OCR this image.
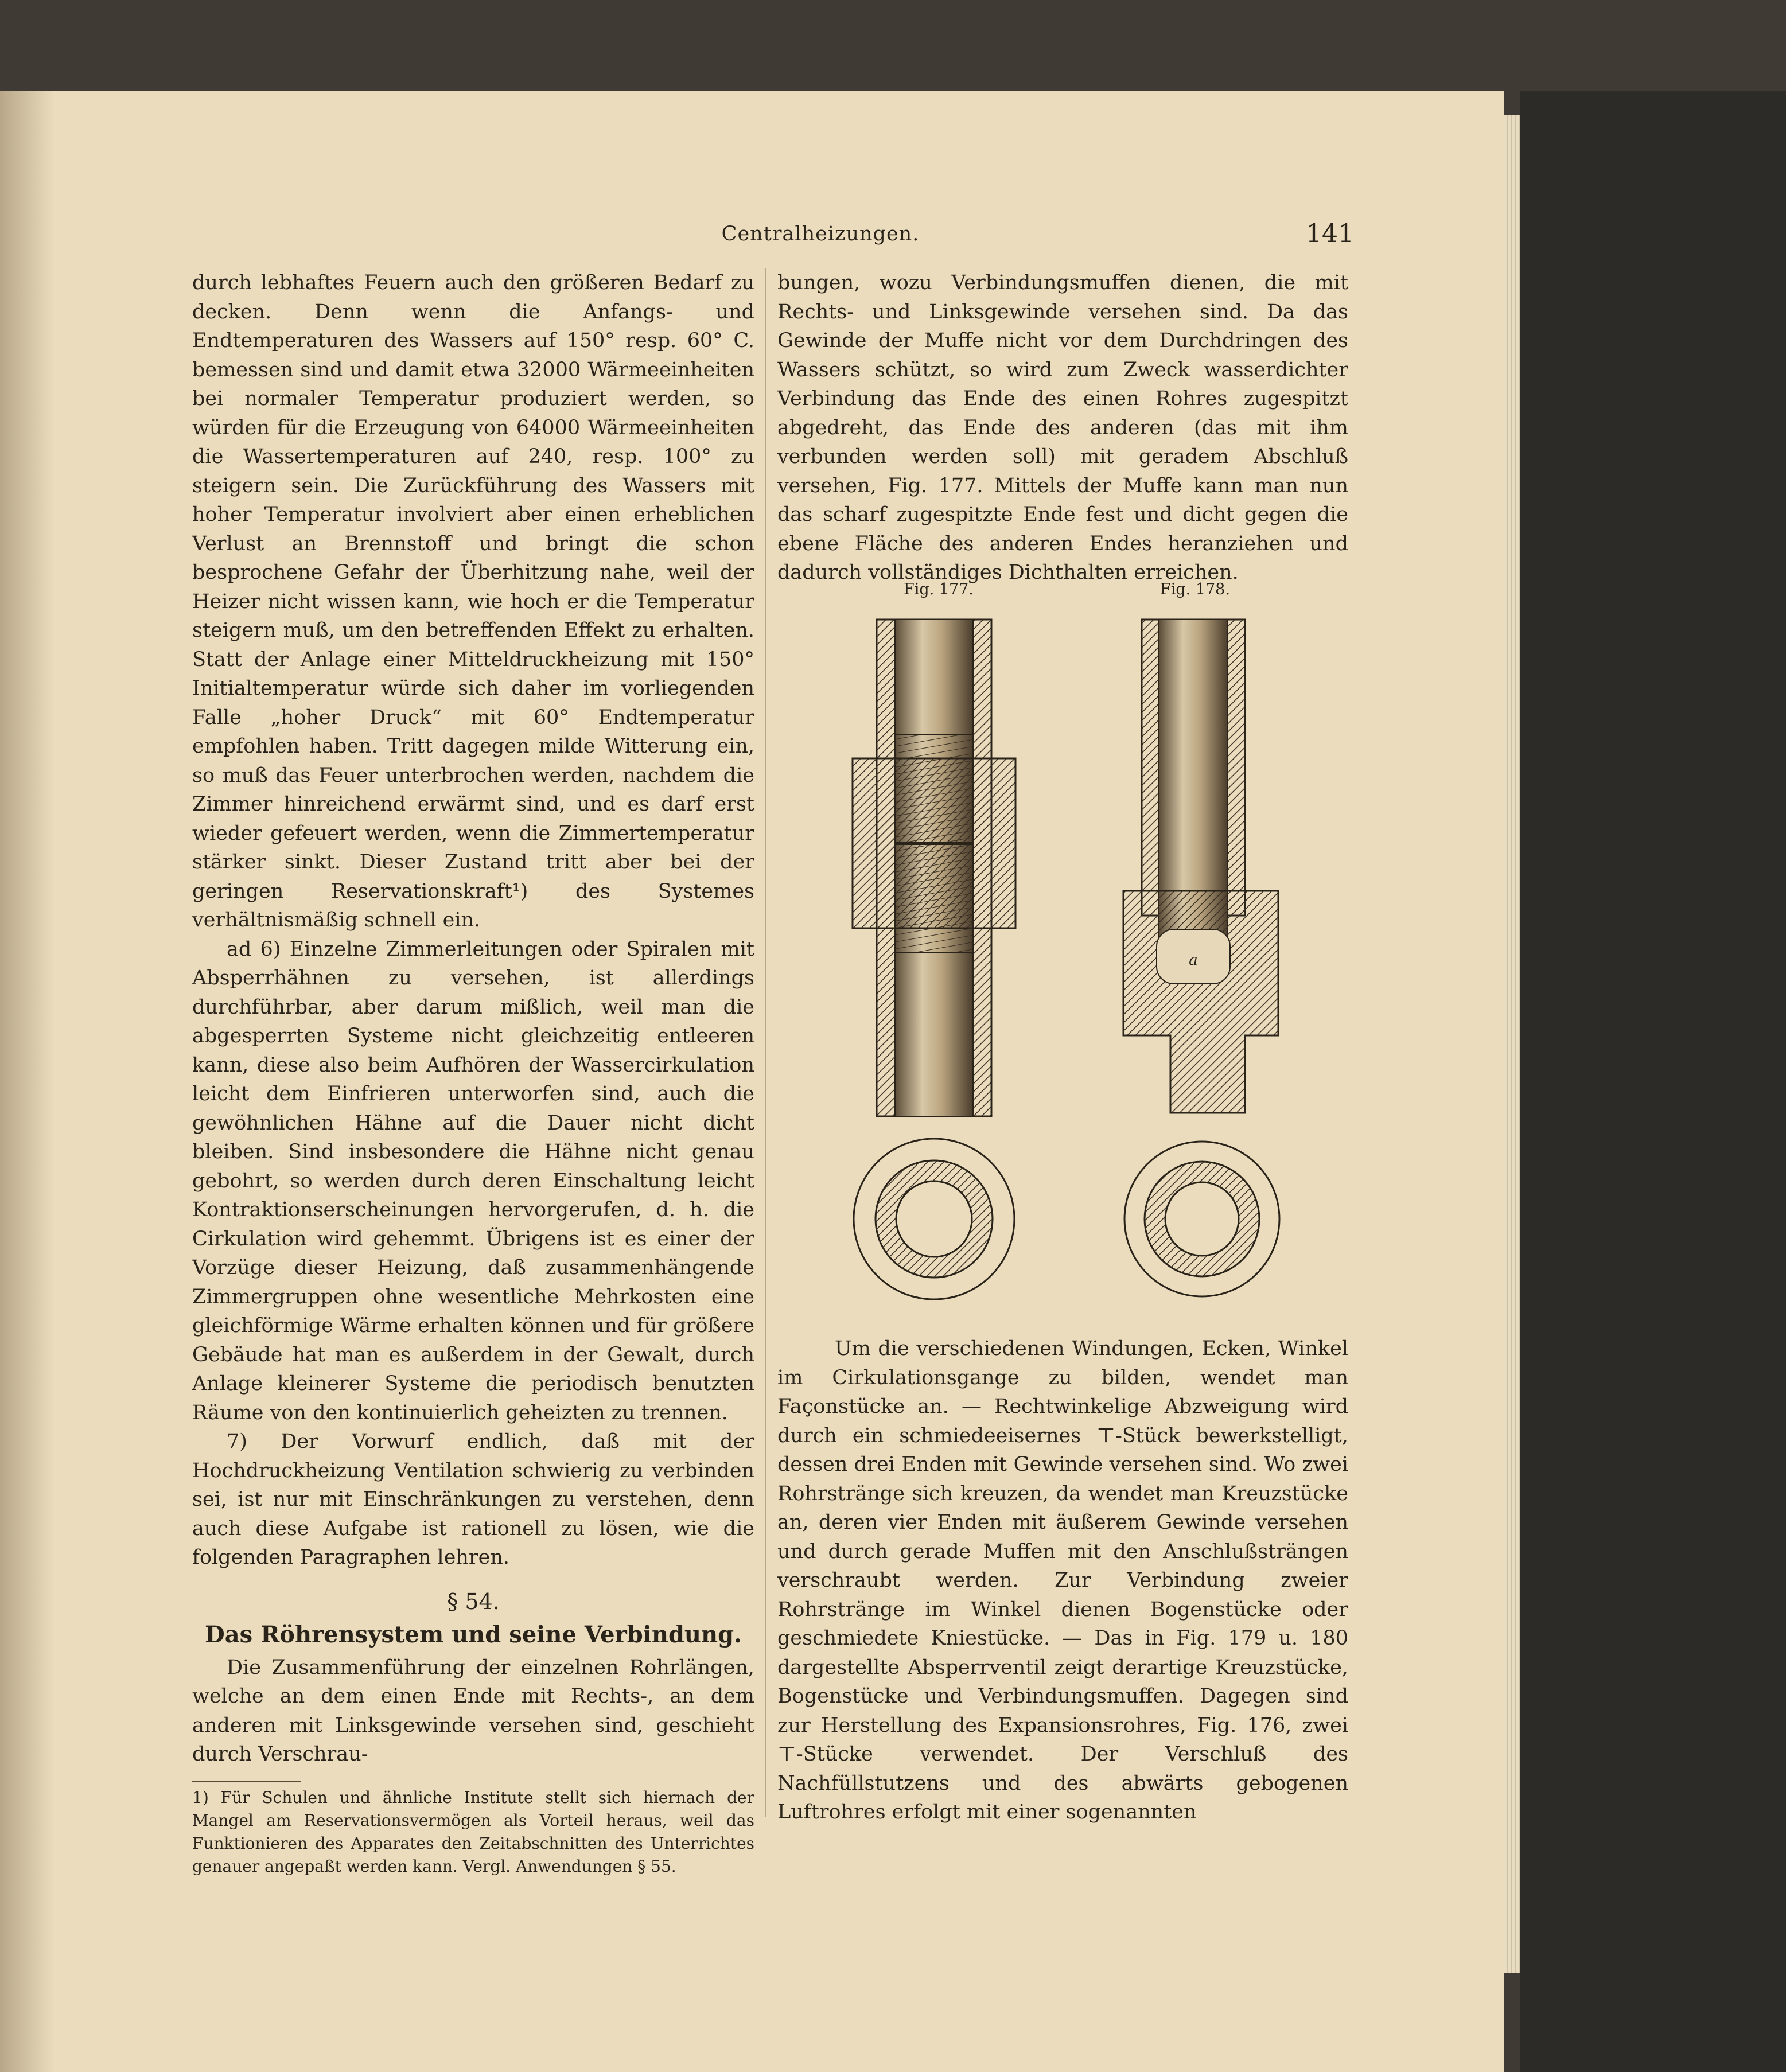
Centralheizungen.	141

durch lebhaftes Feuern auch den größeren Bedarf zu decken. Denn wenn die Anfangs- und Endtemperaturen des Wassers auf 150° resp. 60° C. bemessen sind und damit etwa 32000 Wärmeeinheiten bei normaler Temperatur produziert werden, so würden für die Erzeugung von 64000 Wärmeeinheiten die Wassertemperaturen auf 240, resp. 100° zu steigern sein. Die Zurückführung des Wassers mit hoher Temperatur involviert aber einen erheblichen Verlust an Brennstoff und bringt die schon besprochene Gefahr der Überhitzung nahe, weil der Heizer nicht wissen kann, wie hoch er die Temperatur steigern muß, um den betreffenden Effekt zu erhalten. Statt der Anlage einer Mitteldruckheizung mit 150° Initialtemperatur würde sich daher im vorliegenden Falle „hoher Druck“ mit 60° Endtemperatur empfohlen haben. Tritt dagegen milde Witterung ein, so muß das Feuer unterbrochen werden, nachdem die Zimmer hinreichend erwärmt sind, und es darf erst wieder gefeuert werden, wenn die Zimmertemperatur stärker sinkt. Dieser Zustand tritt aber bei der geringen Reservationskraft¹) des Systemes verhältnismäßig schnell ein.

ad 6) Einzelne Zimmerleitungen oder Spiralen mit Absperrhähnen zu versehen, ist allerdings durchführbar, aber darum mißlich, weil man die abgesperrten Systeme nicht gleichzeitig entleeren kann, diese also beim Aufhören der Wassercirkulation leicht dem Einfrieren unterworfen sind, auch die gewöhnlichen Hähne auf die Dauer nicht dicht bleiben. Sind insbesondere die Hähne nicht genau gebohrt, so werden durch deren Einschaltung leicht Kontraktionserscheinungen hervorgerufen, d. h. die Cirkulation wird gehemmt. Übrigens ist es einer der Vorzüge dieser Heizung, daß zusammenhängende Zimmergruppen ohne wesentliche Mehrkosten eine gleichförmige Wärme erhalten können und für größere Gebäude hat man es außerdem in der Gewalt, durch Anlage kleinerer Systeme die periodisch benutzten Räume von den kontinuierlich geheizten zu trennen.

7) Der Vorwurf endlich, daß mit der Hochdruckheizung Ventilation schwierig zu verbinden sei, ist nur mit Einschränkungen zu verstehen, denn auch diese Aufgabe ist rationell zu lösen, wie die folgenden Paragraphen lehren.

§ 54.
Das Röhrensystem und seine Verbindung.

Die Zusammenführung der einzelnen Rohrlängen, welche an dem einen Ende mit Rechts-, an dem anderen mit Linksgewinde versehen sind, geschieht durch Verschrau-

1) Für Schulen und ähnliche Institute stellt sich hiernach der Mangel am Reservationsvermögen als Vorteil heraus, weil das Funktionieren des Apparates den Zeitabschnitten des Unterrichtes genauer angepaßt werden kann. Vergl. Anwendungen § 55.

bungen, wozu Verbindungsmuffen dienen, die mit Rechts- und Linksgewinde versehen sind. Da das Gewinde der Muffe nicht vor dem Durchdringen des Wassers schützt, so wird zum Zweck wasserdichter Verbindung das Ende des einen Rohres zugespitzt abgedreht, das Ende des anderen (das mit ihm verbunden werden soll) mit geradem Abschluß versehen, Fig. 177. Mittels der Muffe kann man nun das scharf zugespitzte Ende fest und dicht gegen die ebene Fläche des anderen Endes heranziehen und dadurch vollständiges Dichthalten erreichen.

Fig. 177.	Fig. 178.
a

Um die verschiedenen Windungen, Ecken, Winkel im Cirkulationsgange zu bilden, wendet man Façonstücke an. — Rechtwinkelige Abzweigung wird durch ein schmiedeeisernes ⊤-Stück bewerkstelligt, dessen drei Enden mit Gewinde versehen sind. Wo zwei Rohrstränge sich kreuzen, da wendet man Kreuzstücke an, deren vier Enden mit äußerem Gewinde versehen und durch gerade Muffen mit den Anschlußsträngen verschraubt werden. Zur Verbindung zweier Rohrstränge im Winkel dienen Bogenstücke oder geschmiedete Kniestücke. — Das in Fig. 179 u. 180 dargestellte Absperrventil zeigt derartige Kreuzstücke, Bogenstücke und Verbindungsmuffen. Dagegen sind zur Herstellung des Expansionsrohres, Fig. 176, zwei ⊤-Stücke verwendet. Der Verschluß des Nachfüllstutzens und des abwärts gebogenen Luftrohres erfolgt mit einer sogenannten
